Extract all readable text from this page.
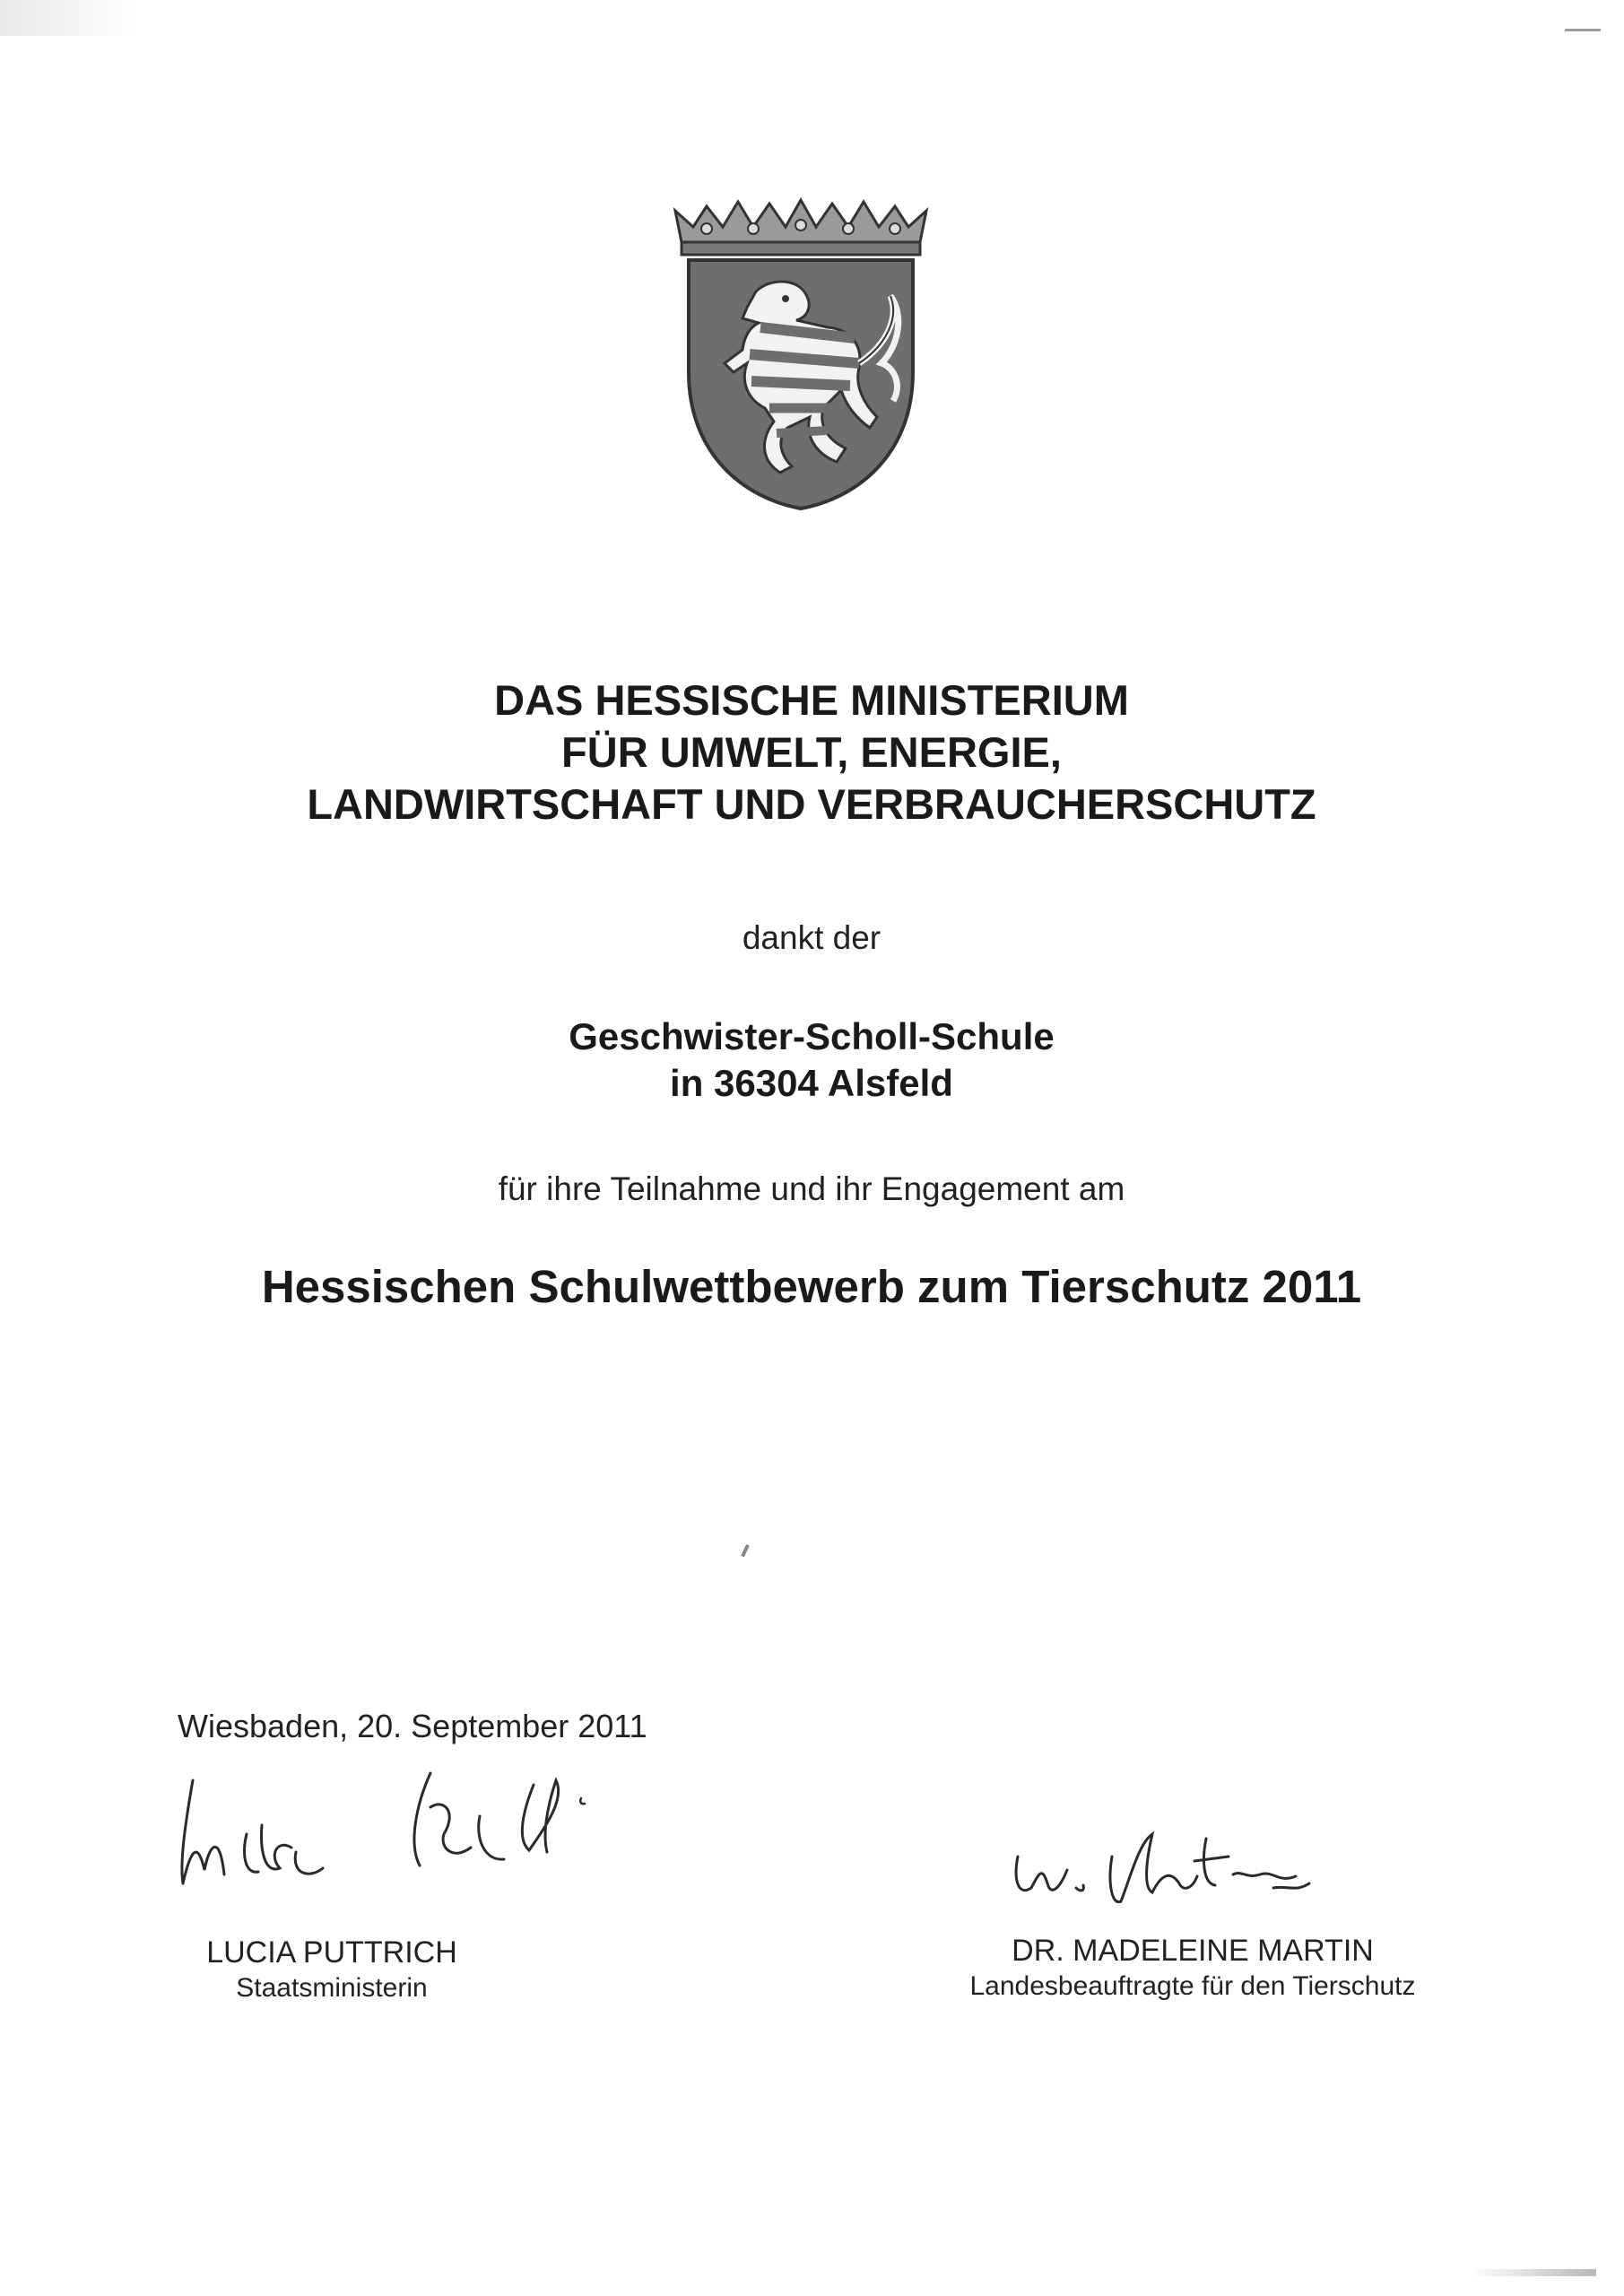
DAS HESSISCHE MINISTERIUM
FÜR UMWELT, ENERGIE,
LANDWIRTSCHAFT UND VERBRAUCHERSCHUTZ
dankt der
Geschwister-Scholl-Schule
in 36304 Alsfeld
für ihre Teilnahme und ihr Engagement am
Hessischen Schulwettbewerb zum Tierschutz 2011
Wiesbaden, 20. September 2011
LUCIA PUTTRICH
Staatsministerin
DR. MADELEINE MARTIN
Landesbeauftragte für den Tierschutz
